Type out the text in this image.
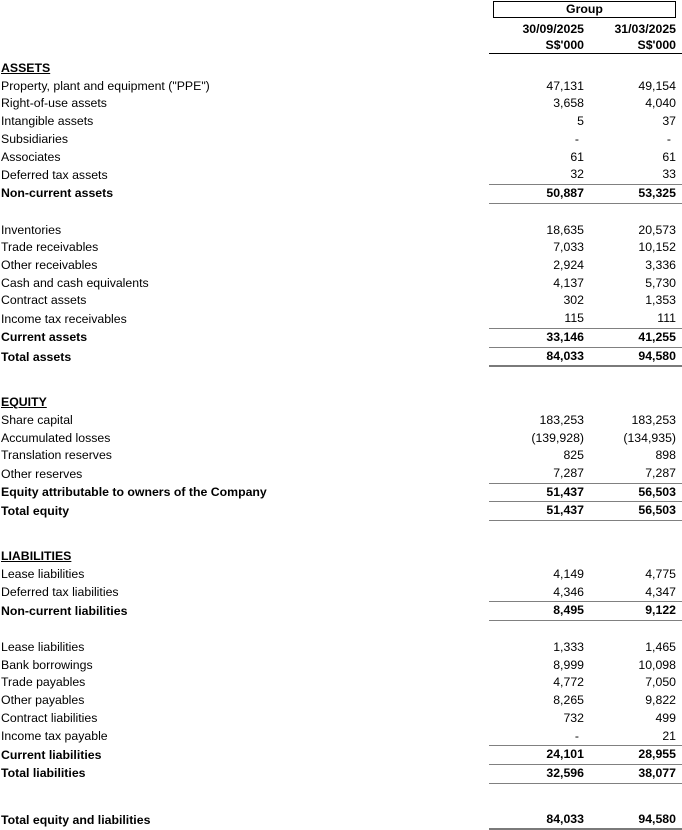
Group
30/09/2025		31/03/2025
S$'000		S$'000
ASSETS			
Property, plant and equipment ("PPE")	47,131		49,154
Right-of-use assets	3,658		4,040
Intangible assets	5		37
Subsidiaries	-		-
Associates	61		61
Deferred tax assets	32		33
Non-current assets	50,887		53,325

Inventories	18,635		20,573
Trade receivables	7,033		10,152
Other receivables	2,924		3,336
Cash and cash equivalents	4,137		5,730
Contract assets	302		1,353
Income tax receivables	115		111
Current assets	33,146		41,255
Total assets	84,033		94,580

EQUITY			
Share capital	183,253		183,253
Accumulated losses	(139,928)		(134,935)
Translation reserves	825		898
Other reserves	7,287		7,287
Equity attributable to owners of the Company	51,437		56,503
Total equity	51,437		56,503

LIABILITIES			
Lease liabilities	4,149		4,775
Deferred tax liabilities	4,346		4,347
Non-current liabilities	8,495		9,122

Lease liabilities	1,333		1,465
Bank borrowings	8,999		10,098
Trade payables	4,772		7,050
Other payables	8,265		9,822
Contract liabilities	732		499
Income tax payable	-		21
Current liabilities	24,101		28,955
Total liabilities	32,596		38,077

Total equity and liabilities	84,033		94,580
